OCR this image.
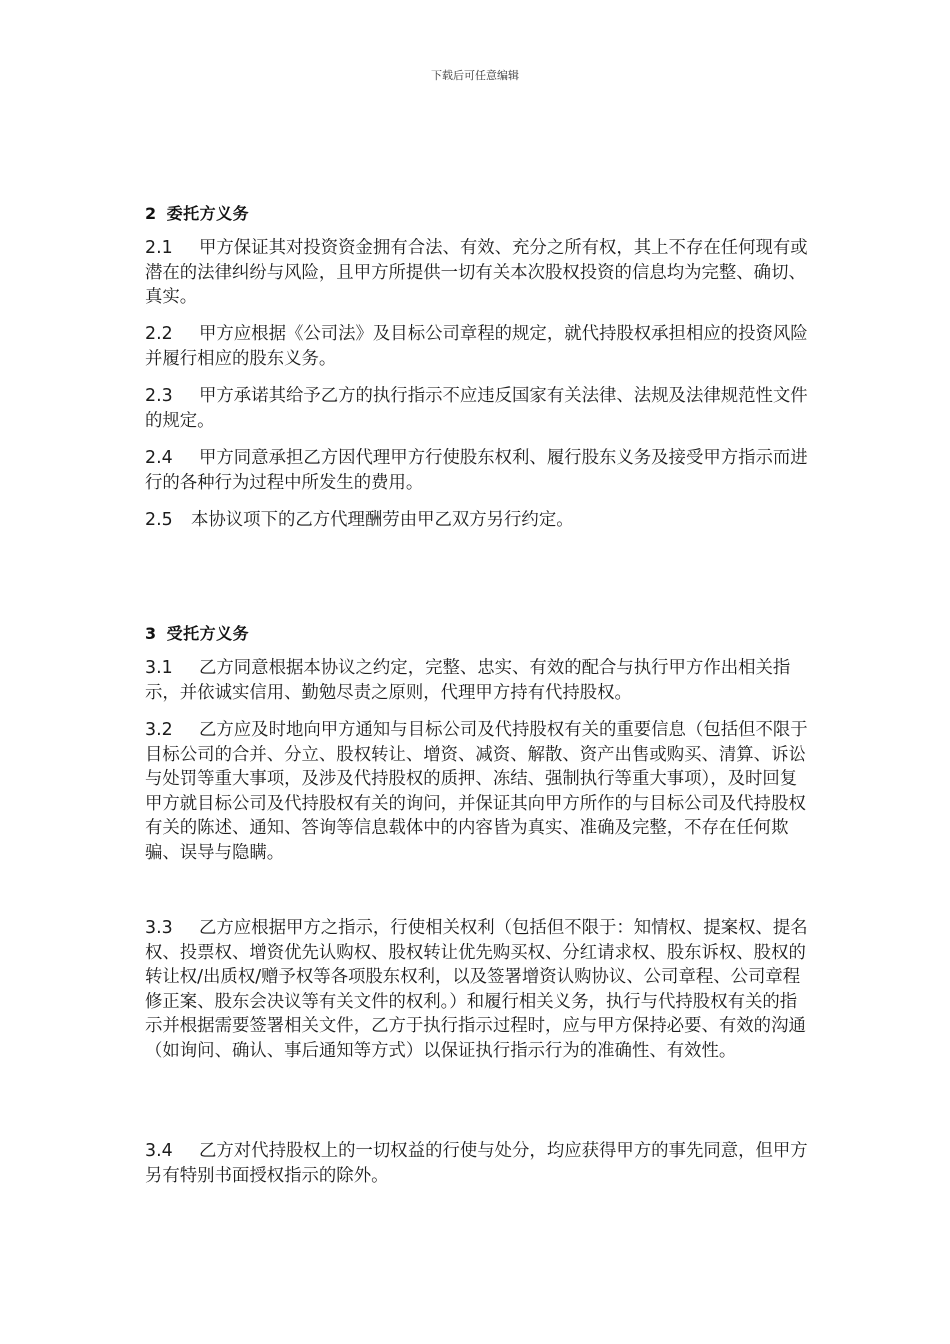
下载后可任意编辑
2 委托方义务
2.1 甲方保证其对投资资金拥有合法、有效、充分之所有权，其上不存在任何现有或潜在的法律纠纷与风险，且甲方所提供一切有关本次股权投资的信息均为完整、确切、真实。
2.2 甲方应根据《公司法》及目标公司章程的规定，就代持股权承担相应的投资风险并履行相应的股东义务。
2.3 甲方承诺其给予乙方的执行指示不应违反国家有关法律、法规及法律规范性文件的规定。
2.4 甲方同意承担乙方因代理甲方行使股东权利、履行股东义务及接受甲方指示而进行的各种行为过程中所发生的费用。
2.5 本协议项下的乙方代理酬劳由甲乙双方另行约定。
3 受托方义务
3.1 乙方同意根据本协议之约定，完整、忠实、有效的配合与执行甲方作出相关指示，并依诚实信用、勤勉尽责之原则，代理甲方持有代持股权。
3.2 乙方应及时地向甲方通知与目标公司及代持股权有关的重要信息（包括但不限于目标公司的合并、分立、股权转让、增资、减资、解散、资产出售或购买、清算、诉讼与处罚等重大事项，及涉及代持股权的质押、冻结、强制执行等重大事项），及时回复甲方就目标公司及代持股权有关的询问，并保证其向甲方所作的与目标公司及代持股权有关的陈述、通知、答询等信息载体中的内容皆为真实、准确及完整，不存在任何欺骗、误导与隐瞒。
3.3 乙方应根据甲方之指示，行使相关权利（包括但不限于：知情权、提案权、提名权、投票权、增资优先认购权、股权转让优先购买权、分红请求权、股东诉权、股权的转让权/出质权/赠予权等各项股东权利，以及签署增资认购协议、公司章程、公司章程修正案、股东会决议等有关文件的权利。）和履行相关义务，执行与代持股权有关的指示并根据需要签署相关文件，乙方于执行指示过程时，应与甲方保持必要、有效的沟通（如询问、确认、事后通知等方式）以保证执行指示行为的准确性、有效性。
3.4 乙方对代持股权上的一切权益的行使与处分，均应获得甲方的事先同意，但甲方另有特别书面授权指示的除外。
